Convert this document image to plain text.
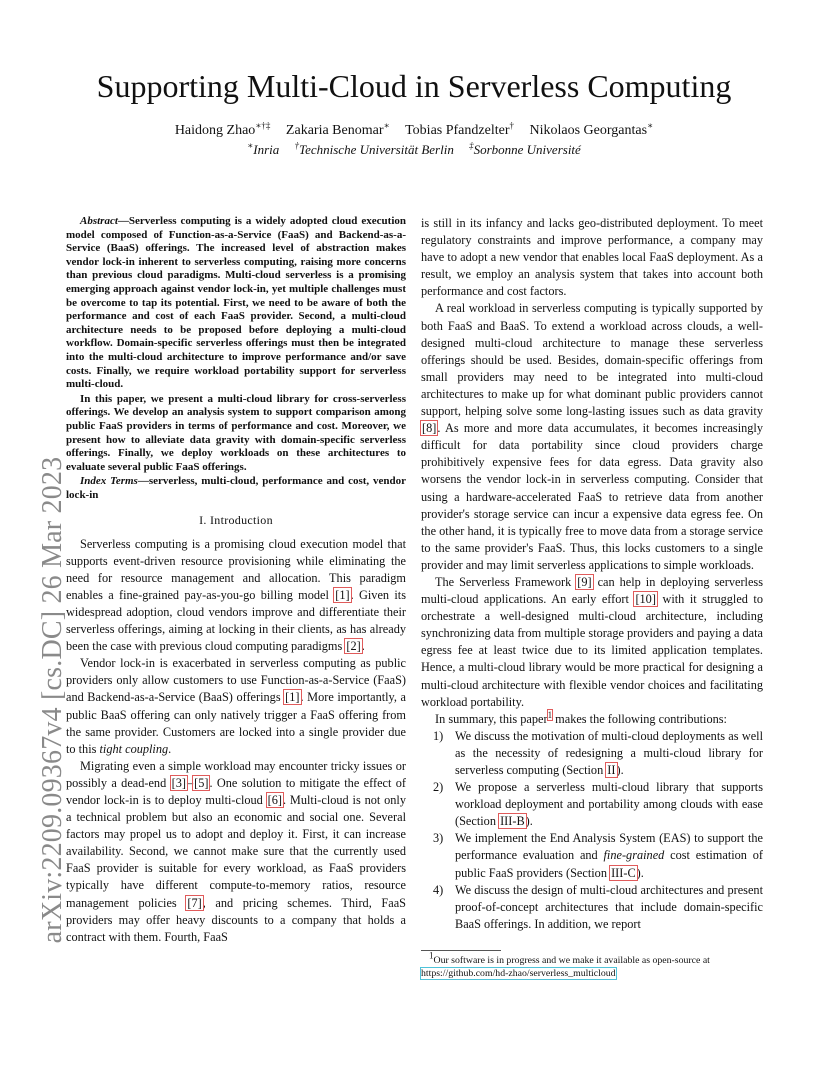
arXiv:2209.09367v4 [cs.DC] 26 Mar 2023
Supporting Multi-Cloud in Serverless Computing
Haidong Zhao∗†‡ Zakaria Benomar∗ Tobias Pfandzelter† Nikolaos Georgantas∗
∗Inria †Technische Universität Berlin ‡Sorbonne Université

Abstract—Serverless computing is a widely adopted cloud execution model composed of Function-as-a-Service (FaaS) and Backend-as-a-Service (BaaS) offerings. The increased level of abstraction makes vendor lock-in inherent to serverless computing, raising more concerns than previous cloud paradigms. Multi-cloud serverless is a promising emerging approach against vendor lock-in, yet multiple challenges must be overcome to tap its potential. First, we need to be aware of both the performance and cost of each FaaS provider. Second, a multi-cloud architecture needs to be proposed before deploying a multi-cloud workflow. Domain-specific serverless offerings must then be integrated into the multi-cloud architecture to improve performance and/or save costs. Finally, we require workload portability support for serverless multi-cloud.

In this paper, we present a multi-cloud library for cross-serverless offerings. We develop an analysis system to support comparison among public FaaS providers in terms of performance and cost. Moreover, we present how to alleviate data gravity with domain-specific serverless offerings. Finally, we deploy workloads on these architectures to evaluate several public FaaS offerings.

Index Terms—serverless, multi-cloud, performance and cost, vendor lock-in

I. Introduction

Serverless computing is a promising cloud execution model that supports event-driven resource provisioning while eliminating the need for resource management and allocation. This paradigm enables a fine-grained pay-as-you-go billing model [1]. Given its widespread adoption, cloud vendors improve and differentiate their serverless offerings, aiming at locking in their clients, as has already been the case with previous cloud computing paradigms [2].

Vendor lock-in is exacerbated in serverless computing as public providers only allow customers to use Function-as-a-Service (FaaS) and Backend-as-a-Service (BaaS) offerings [1]. More importantly, a public BaaS offering can only natively trigger a FaaS offering from the same provider. Customers are locked into a single provider due to this tight coupling.

Migrating even a simple workload may encounter tricky issues or possibly a dead-end [3]–[5]. One solution to mitigate the effect of vendor lock-in is to deploy multi-cloud [6]. Multi-cloud is not only a technical problem but also an economic and social one. Several factors may propel us to adopt and deploy it. First, it can increase availability. Second, we cannot make sure that the currently used FaaS provider is suitable for every workload, as FaaS providers typically have different compute-to-memory ratios, resource management policies [7], and pricing schemes. Third, FaaS providers may offer heavy discounts to a company that holds a contract with them. Fourth, FaaS

is still in its infancy and lacks geo-distributed deployment. To meet regulatory constraints and improve performance, a company may have to adopt a new vendor that enables local FaaS deployment. As a result, we employ an analysis system that takes into account both performance and cost factors.

A real workload in serverless computing is typically supported by both FaaS and BaaS. To extend a workload across clouds, a well-designed multi-cloud architecture to manage these serverless offerings should be used. Besides, domain-specific offerings from small providers may need to be integrated into multi-cloud architectures to make up for what dominant public providers cannot support, helping solve some long-lasting issues such as data gravity [8]. As more and more data accumulates, it becomes increasingly difficult for data portability since cloud providers charge prohibitively expensive fees for data egress. Data gravity also worsens the vendor lock-in in serverless computing. Consider that using a hardware-accelerated FaaS to retrieve data from another provider's storage service can incur a expensive data egress fee. On the other hand, it is typically free to move data from a storage service to the same provider's FaaS. Thus, this locks customers to a single provider and may limit serverless applications to simple workloads.

The Serverless Framework [9] can help in deploying serverless multi-cloud applications. An early effort [10] with it struggled to orchestrate a well-designed multi-cloud architecture, including synchronizing data from multiple storage providers and paying a data egress fee at least twice due to its limited application templates. Hence, a multi-cloud library would be more practical for designing a multi-cloud architecture with flexible vendor choices and facilitating workload portability.

In summary, this paper$^1$ makes the following contributions:

1) We discuss the motivation of multi-cloud deployments as well as the necessity of redesigning a multi-cloud library for serverless computing (Section II).
2) We propose a serverless multi-cloud library that supports workload deployment and portability among clouds with ease (Section III-B).
3) We implement the End Analysis System (EAS) to support the performance evaluation and fine-grained cost estimation of public FaaS providers (Section III-C).
4) We discuss the design of multi-cloud architectures and present proof-of-concept architectures that include domain-specific BaaS offerings. In addition, we report
$^1$Our software is in progress and we make it available as open-source at
https://github.com/hd-zhao/serverless_multicloud
